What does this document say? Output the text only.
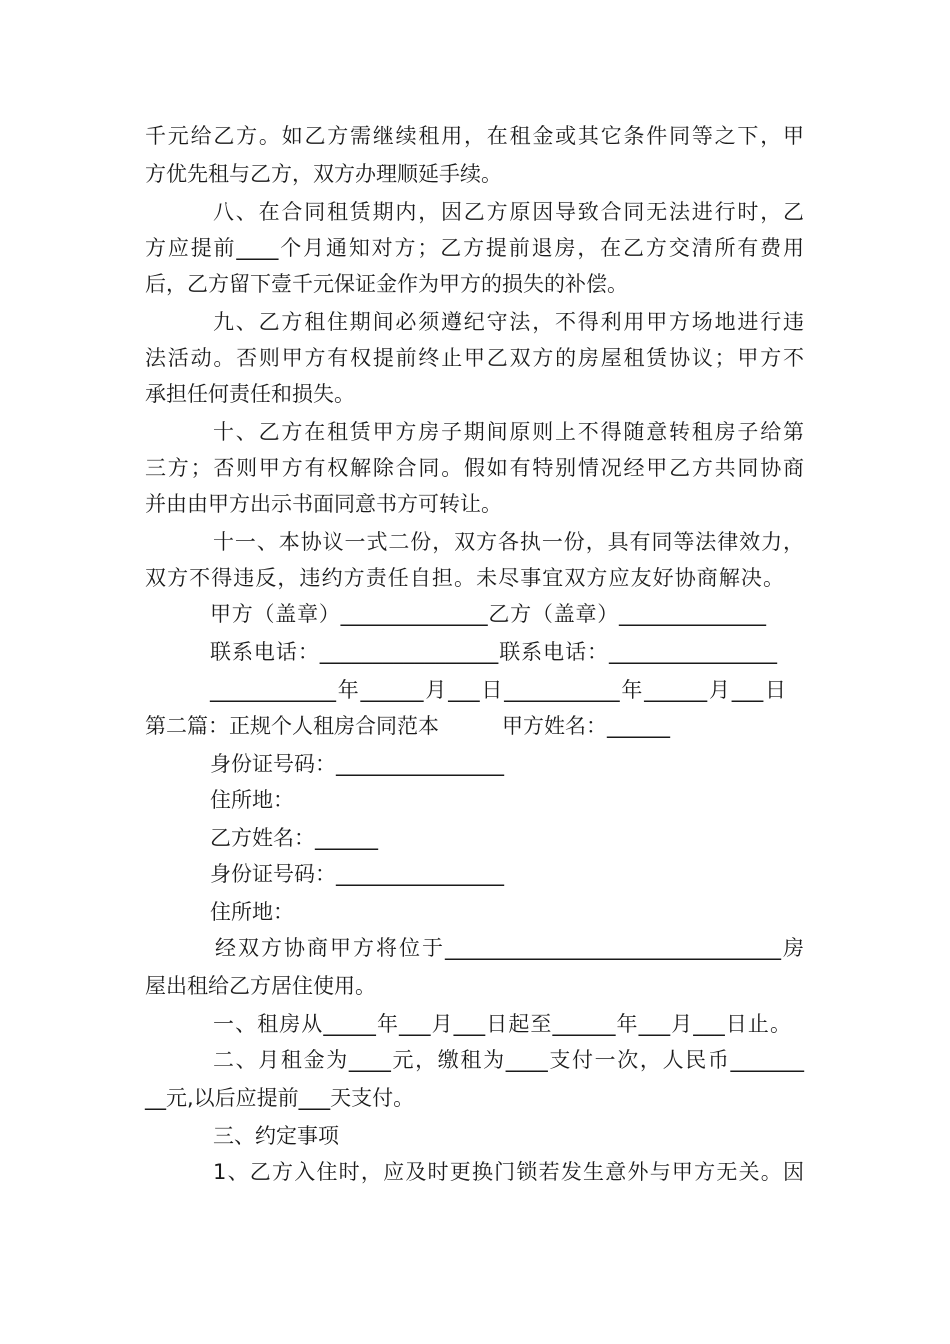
千元给乙方。如乙方需继续租用，在租金或其它条件同等之下，甲

方优先租与乙方，双方办理顺延手续。

八、在合同租赁期内，因乙方原因导致合同无法进行时，乙

方应提前____个月通知对方；乙方提前退房，在乙方交清所有费用

后，乙方留下壹千元保证金作为甲方的损失的补偿。

九、乙方租住期间必须遵纪守法，不得利用甲方场地进行违

法活动。否则甲方有权提前终止甲乙双方的房屋租赁协议；甲方不

承担任何责任和损失。

十、乙方在租赁甲方房子期间原则上不得随意转租房子给第

三方；否则甲方有权解除合同。假如有特别情况经甲乙方共同协商

并由由甲方出示书面同意书方可转让。

十一、本协议一式二份，双方各执一份，具有同等法律效力，

双方不得违反，违约方责任自担。未尽事宜双方应友好协商解决。

甲方（盖章）______________乙方（盖章）______________

联系电话：_________________联系电话：________________

____________年______月___日___________年______月___日

第二篇：正规个人租房合同范本　　　甲方姓名：______

身份证号码：________________

住所地：

乙方姓名：______

身份证号码：________________

住所地：

经双方协商甲方将位于________________________________房

屋出租给乙方居住使用。

一、租房从_____年___月___日起至______年___月___日止。

二、月租金为____元，缴租为____支付一次，人民币_______

__元,以后应提前___天支付。

三、约定事项

1、乙方入住时，应及时更换门锁若发生意外与甲方无关。因
